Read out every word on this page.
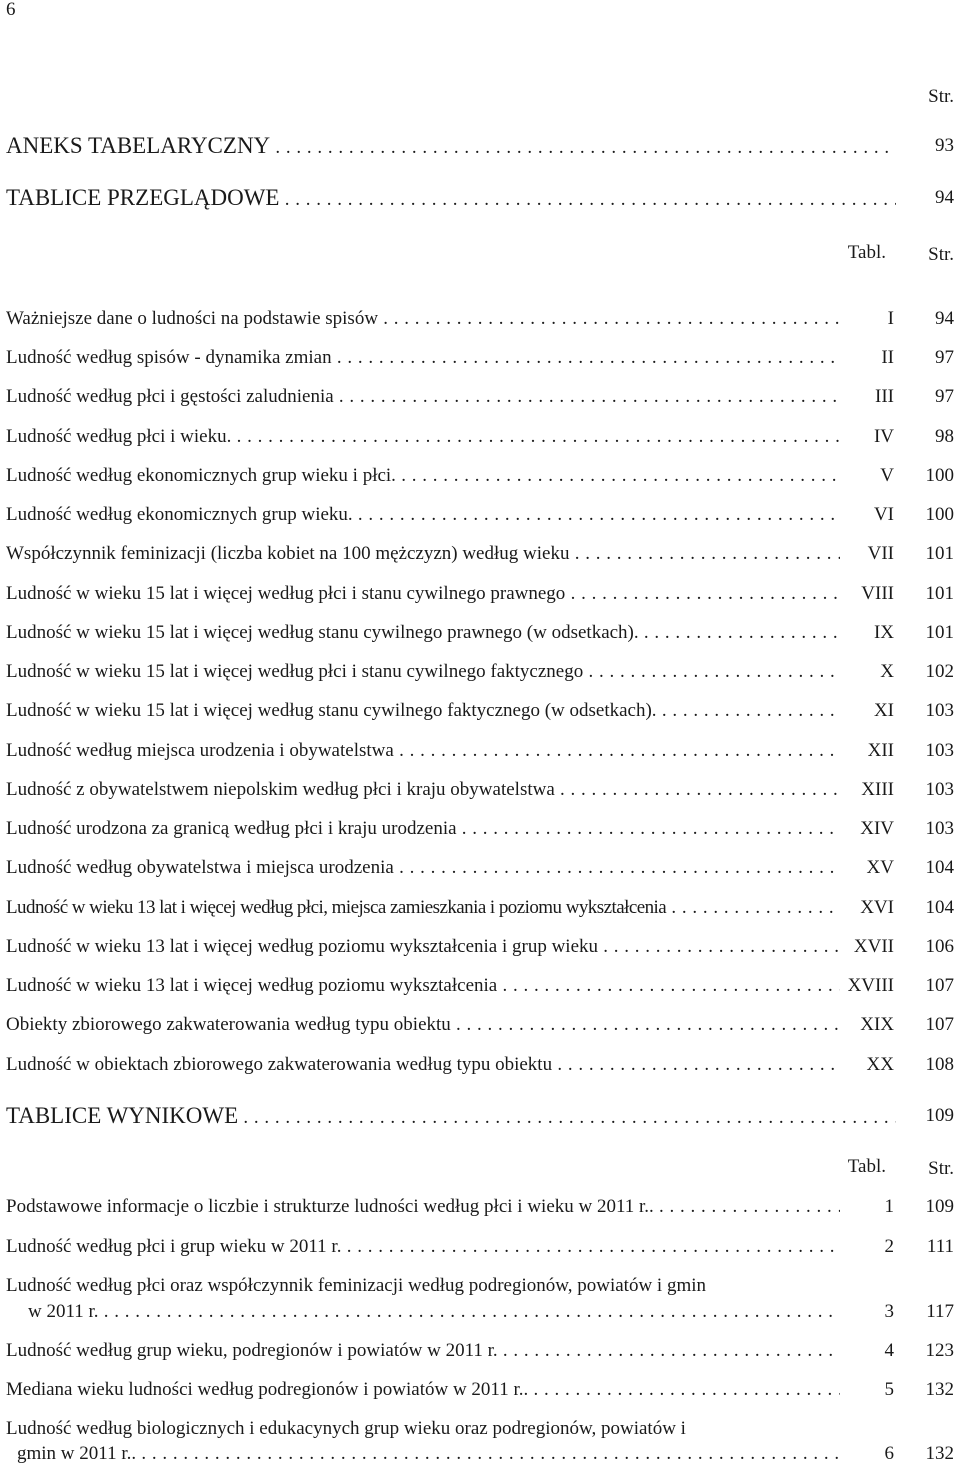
6
Str.
ANEKS TABELARYCZNY . . .	93
TABLICE PRZEGLĄDOWE . . .	94
Tabl.	Str.
Ważniejsze dane o ludności na podstawie spisów . . .	I	94
Ludność według spisów - dynamika zmian . . .	II	97
Ludność według płci i gęstości zaludnienia . . .	III	97
Ludność według płci i wieku. . . .	IV	98
Ludność według ekonomicznych grup wieku i płci. . . .	V	100
Ludność według ekonomicznych grup wieku. . . .	VI	100
Współczynnik feminizacji (liczba kobiet na 100 mężczyzn) według wieku . . .	VII	101
Ludność w wieku 15 lat i więcej według płci i stanu cywilnego prawnego . . .	VIII	101
Ludność w wieku 15 lat i więcej według stanu cywilnego prawnego (w odsetkach). . . .	IX	101
Ludność w wieku 15 lat i więcej według płci i stanu cywilnego faktycznego . . .	X	102
Ludność w wieku 15 lat i więcej według stanu cywilnego faktycznego (w odsetkach). . . .	XI	103
Ludność według miejsca urodzenia i obywatelstwa . . .	XII	103
Ludność z obywatelstwem niepolskim według płci i kraju obywatelstwa . . .	XIII	103
Ludność urodzona za granicą według płci i kraju urodzenia . . .	XIV	103
Ludność według obywatelstwa i miejsca urodzenia . . .	XV	104
Ludność w wieku 13 lat i więcej według płci, miejsca zamieszkania i poziomu wykształcenia . . .	XVI	104
Ludność w wieku 13 lat i więcej według poziomu wykształcenia i grup wieku . . .	XVII	106
Ludność w wieku 13 lat i więcej według poziomu wykształcenia . . .	XVIII	107
Obiekty zbiorowego zakwaterowania według typu obiektu . . .	XIX	107
Ludność w obiektach zbiorowego zakwaterowania według typu obiektu . . .	XX	108
TABLICE WYNIKOWE . . .	109
Tabl.	Str.
Podstawowe informacje o liczbie i strukturze ludności według płci i wieku w 2011 r.. . . .	1	109
Ludność według płci i grup wieku w 2011 r. . . .	2	111
Ludność według płci oraz współczynnik feminizacji według podregionów, powiatów i gmin
w 2011 r. . . .	3	117
Ludność według grup wieku, podregionów i powiatów w 2011 r. . . .	4	123
Mediana wieku ludności według podregionów i powiatów w 2011 r.. . . .	5	132
Ludność według biologicznych i edukacynych grup wieku oraz podregionów, powiatów i
gmin w 2011 r.. . . .	6	132
